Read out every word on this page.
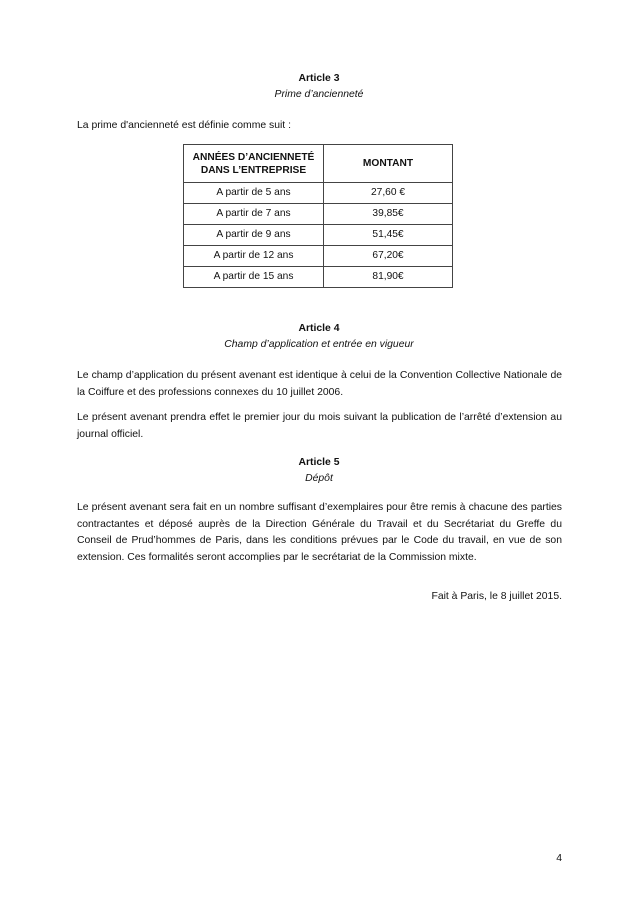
Article 3
Prime d’ancienneté
La prime d'ancienneté est définie comme suit :
ANNÉES D’ANCIENNETÉ
DANS L’ENTREPRISE	MONTANT
A partir de 5 ans	27,60 €
A partir de 7 ans	39,85€
A partir de 9 ans	51,45€
A partir de 12 ans	67,20€
A partir de 15 ans	81,90€
Article 4
Champ d’application et entrée en vigueur

Le champ d’application du présent avenant est identique à celui de la Convention Collective Nationale de la Coiffure et des professions connexes du 10 juillet 2006.

Le présent avenant prendra effet le premier jour du mois suivant la publication de l’arrêté d’extension au journal officiel.

Article 5
Dépôt

Le présent avenant sera fait en un nombre suffisant d’exemplaires pour être remis à chacune des parties contractantes et déposé auprès de la Direction Générale du Travail et du Secrétariat du Greffe du Conseil de Prud’hommes de Paris, dans les conditions prévues par le Code du travail, en vue de son extension. Ces formalités seront accomplies par le secrétariat de la Commission mixte.

Fait à Paris, le 8 juillet 2015.
4
